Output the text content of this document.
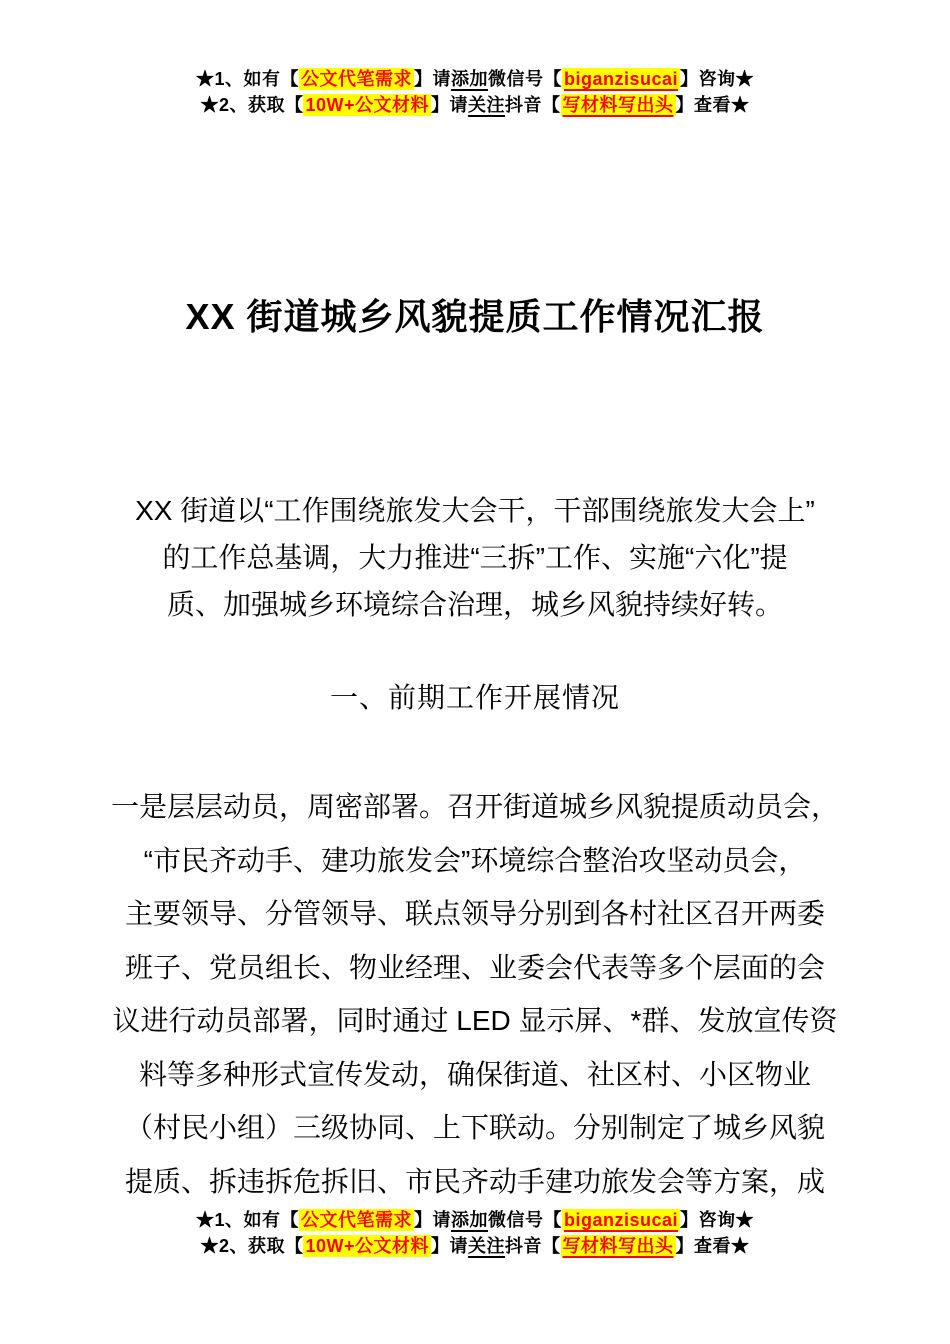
★1、如有【 公文代笔需求 】请添加微信号【 biganzisucai 】咨询★
★2、获取【 10W+公文材料 】请关注抖音【 写材料写出头 】查看★
XX 街道城乡风貌提质工作情况汇报
XX 街道以“工作围绕旅发大会干，干部围绕旅发大会上”
的工作总基调，大力推进“三拆”工作、实施“六化”提
质、加强城乡环境综合治理，城乡风貌持续好转。
一、前期工作开展情况
一是层层动员，周密部署。召开街道城乡风貌提质动员会，
“市民齐动手、建功旅发会”环境综合整治攻坚动员会，
主要领导、分管领导、联点领导分别到各村社区召开两委
班子、党员组长、物业经理、业委会代表等多个层面的会
议进行动员部署，同时通过 LED 显示屏、*群、发放宣传资
料等多种形式宣传发动，确保街道、社区村、小区物业
（村民小组）三级协同、上下联动。分别制定了城乡风貌
提质、拆违拆危拆旧、市民齐动手建功旅发会等方案，成
★1、如有【 公文代笔需求 】请添加微信号【 biganzisucai 】咨询★
★2、获取【 10W+公文材料 】请关注抖音【 写材料写出头 】查看★
